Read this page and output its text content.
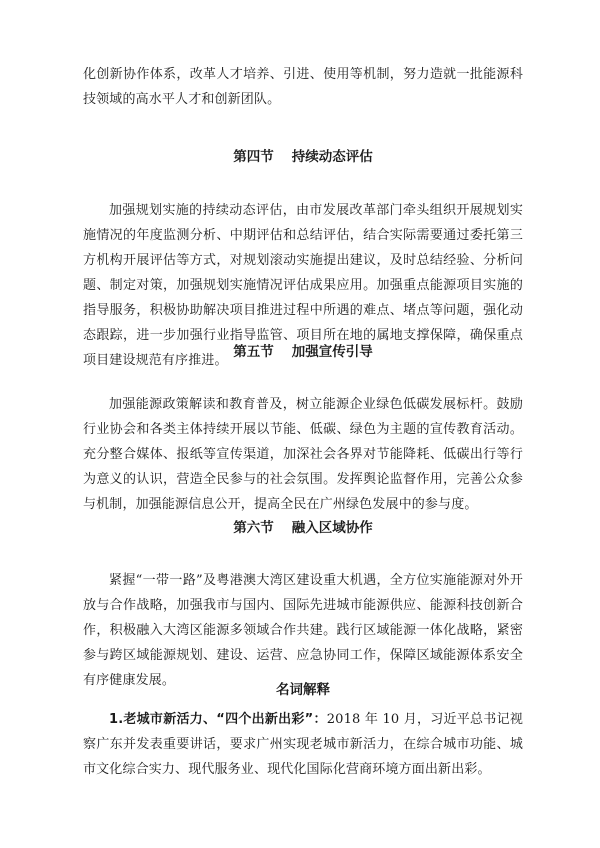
化创新协作体系，改革人才培养、引进、使用等机制，努力造就一批能源科技领域的高水平人才和创新团队。

第四节 持续动态评估

加强规划实施的持续动态评估，由市发展改革部门牵头组织开展规划实施情况的年度监测分析、中期评估和总结评估，结合实际需要通过委托第三方机构开展评估等方式，对规划滚动实施提出建议，及时总结经验、分析问题、制定对策，加强规划实施情况评估成果应用。加强重点能源项目实施的指导服务，积极协助解决项目推进过程中所遇的难点、堵点等问题，强化动态跟踪，进一步加强行业指导监管、项目所在地的属地支撑保障，确保重点项目建设规范有序推进。

第五节 加强宣传引导

加强能源政策解读和教育普及，树立能源企业绿色低碳发展标杆。鼓励行业协会和各类主体持续开展以节能、低碳、绿色为主题的宣传教育活动。充分整合媒体、报纸等宣传渠道，加深社会各界对节能降耗、低碳出行等行为意义的认识，营造全民参与的社会氛围。发挥舆论监督作用，完善公众参与机制，加强能源信息公开，提高全民在广州绿色发展中的参与度。

第六节 融入区域协作

紧握“一带一路”及粤港澳大湾区建设重大机遇，全方位实施能源对外开放与合作战略，加强我市与国内、国际先进城市能源供应、能源科技创新合作，积极融入大湾区能源多领域合作共建。践行区域能源一体化战略，紧密参与跨区域能源规划、建设、运营、应急协同工作，保障区域能源体系安全有序健康发展。

名词解释

1.老城市新活力、“四个出新出彩”：2018 年 10 月，习近平总书记视察广东并发表重要讲话，要求广州实现老城市新活力，在综合城市功能、城市文化综合实力、现代服务业、现代化国际化营商环境方面出新出彩。
